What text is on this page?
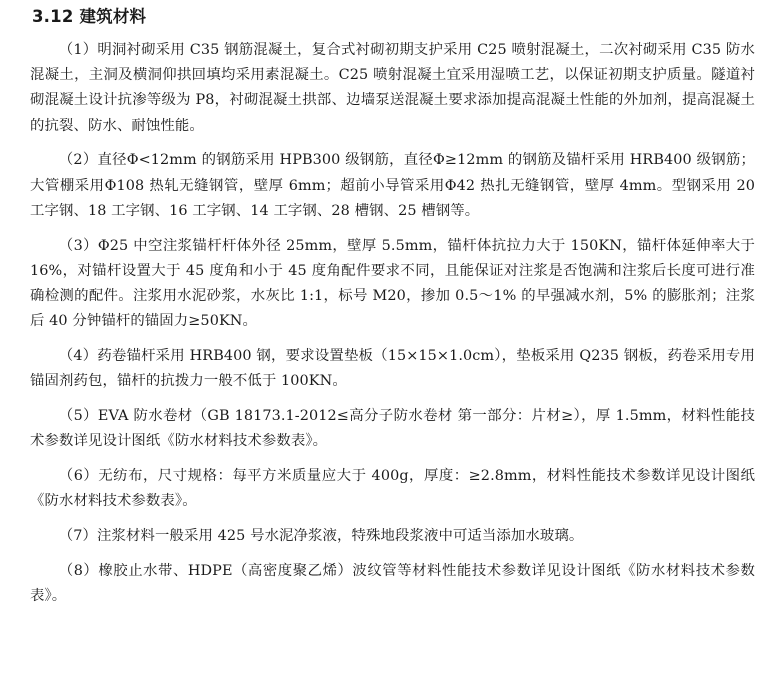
3.12 建筑材料

（1）明洞衬砌采用 C35 钢筋混凝土，复合式衬砌初期支护采用 C25 喷射混凝土，二次衬砌采用 C35 防水混凝土，主洞及横洞仰拱回填均采用素混凝土。C25 喷射混凝土宜采用湿喷工艺，以保证初期支护质量。隧道衬砌混凝土设计抗渗等级为 P8，衬砌混凝土拱部、边墙泵送混凝土要求添加提高混凝土性能的外加剂，提高混凝土的抗裂、防水、耐蚀性能。

（2）直径Φ<12mm 的钢筋采用 HPB300 级钢筋，直径Φ≥12mm 的钢筋及锚杆采用 HRB400 级钢筋；大管棚采用Φ108 热轧无缝钢管，壁厚 6mm；超前小导管采用Φ42 热扎无缝钢管，壁厚 4mm。型钢采用 20 工字钢、18 工字钢、16 工字钢、14 工字钢、28 槽钢、25 槽钢等。

（3）Φ25 中空注浆锚杆杆体外径 25mm，壁厚 5.5mm，锚杆体抗拉力大于 150KN，锚杆体延伸率大于 16%，对锚杆设置大于 45 度角和小于 45 度角配件要求不同，且能保证对注浆是否饱满和注浆后长度可进行准确检测的配件。注浆用水泥砂浆，水灰比 1:1，标号 M20，掺加 0.5～1% 的早强减水剂，5% 的膨胀剂；注浆后 40 分钟锚杆的锚固力≥50KN。

（4）药卷锚杆采用 HRB400 钢，要求设置垫板（15×15×1.0cm），垫板采用 Q235 钢板，药卷采用专用锚固剂药包，锚杆的抗拨力一般不低于 100KN。

（5）EVA 防水卷材（GB 18173.1-2012≤高分子防水卷材 第一部分：片材≥），厚 1.5mm，材料性能技术参数详见设计图纸《防水材料技术参数表》。

（6）无纺布，尺寸规格：每平方米质量应大于 400g，厚度：≥2.8mm，材料性能技术参数详见设计图纸《防水材料技术参数表》。

（7）注浆材料一般采用 425 号水泥净浆液，特殊地段浆液中可适当添加水玻璃。

（8）橡胶止水带、HDPE（高密度聚乙烯）波纹管等材料性能技术参数详见设计图纸《防水材料技术参数表》。
